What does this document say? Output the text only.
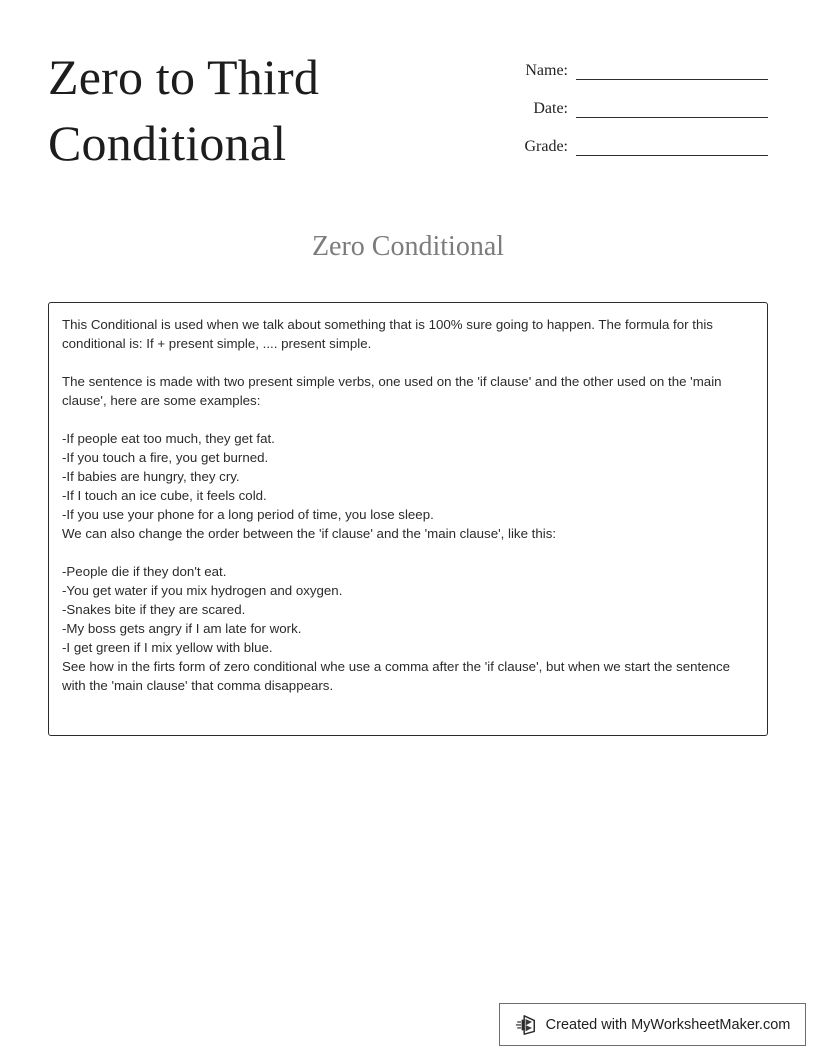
Zero to Third Conditional
Name:
Date:
Grade:
Zero Conditional

This Conditional is used when we talk about something that is 100% sure going to happen. The formula for this conditional is: If + present simple, .... present simple.

The sentence is made with two present simple verbs, one used on the 'if clause' and the other used on the 'main clause', here are some examples:

-If people eat too much, they get fat.
-If you touch a fire, you get burned.
-If babies are hungry, they cry.
-If I touch an ice cube, it feels cold.
-If you use your phone for a long period of time, you lose sleep.

We can also change the order between the 'if clause' and the 'main clause', like this:

-People die if they don't eat.
-You get water if you mix hydrogen and oxygen.
-Snakes bite if they are scared.
-My boss gets angry if I am late for work.
-I get green if I mix yellow with blue.

See how in the firts form of zero conditional whe use a comma after the 'if clause', but when we start the sentence with the 'main clause' that comma disappears.

Created with MyWorksheetMaker.com
